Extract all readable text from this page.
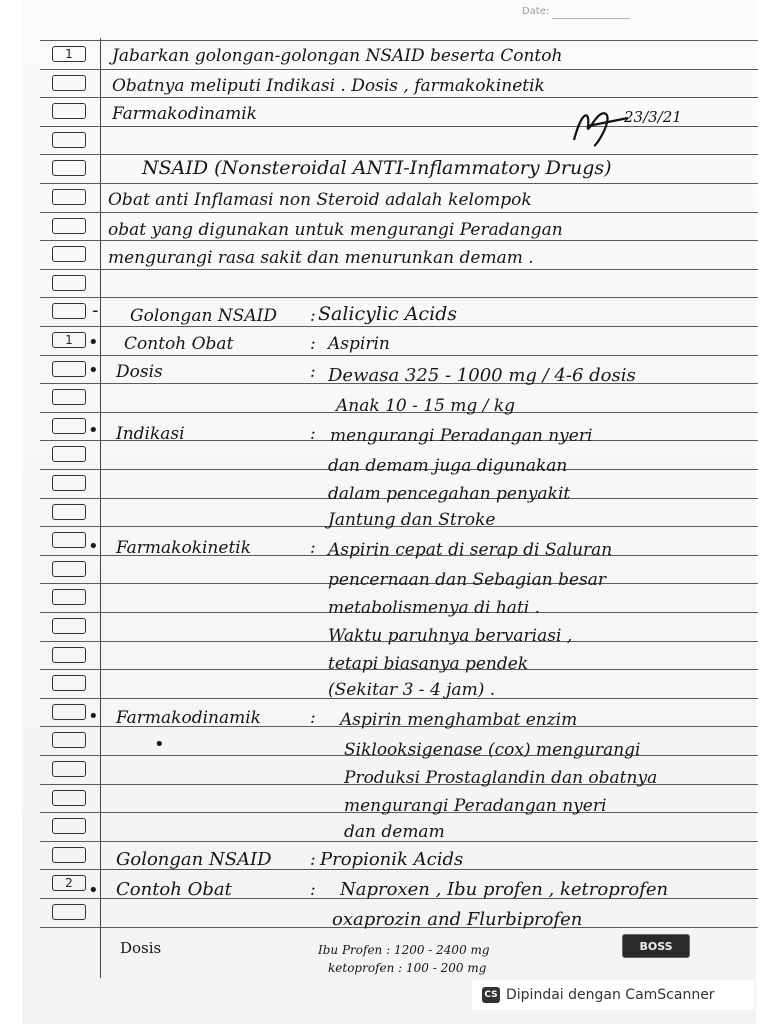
Date:
1
1
2
Jabarkan golongan-golongan NSAID beserta Contoh
Obatnya meliputi Indikasi . Dosis , farmakokinetik
Farmakodinamik	23/3/21
NSAID (Nonsteroidal ANTI-Inflammatory Drugs)
Obat anti Inflamasi non Steroid adalah kelompok
obat yang digunakan untuk mengurangi Peradangan
mengurangi rasa sakit dan menurunkan demam .
- Golongan NSAID : Salicylic Acids
• Contoh Obat	: Aspirin
• Dosis	: Dewasa 325 - 1000 mg / 4-6 dosis
Anak 10 - 15 mg / kg
• Indikasi	: mengurangi Peradangan nyeri
dan demam juga digunakan
dalam pencegahan penyakit
Jantung dan Stroke
• Farmakokinetik	: Aspirin cepat di serap di Saluran
pencernaan dan Sebagian besar
metabolismenya di hati .
Waktu paruhnya bervariasi ,
tetapi biasanya pendek
(Sekitar 3 - 4 jam) .
•
•
Farmakodinamik	: Aspirin menghambat enzim
Siklooksigenase (cox) mengurangi
Produksi Prostaglandin dan obatnya
mengurangi Peradangan nyeri
dan demam
Golongan NSAID : Propionik Acids
• Contoh Obat	: Naproxen , Ibu profen , ketroprofen
oxaprozin and Flurbiprofen
Dosis	Ibu Profen : 1200 - 2400 mg
ketoprofen : 100 - 200 mg
BOSS
CS Dipindai dengan CamScanner
